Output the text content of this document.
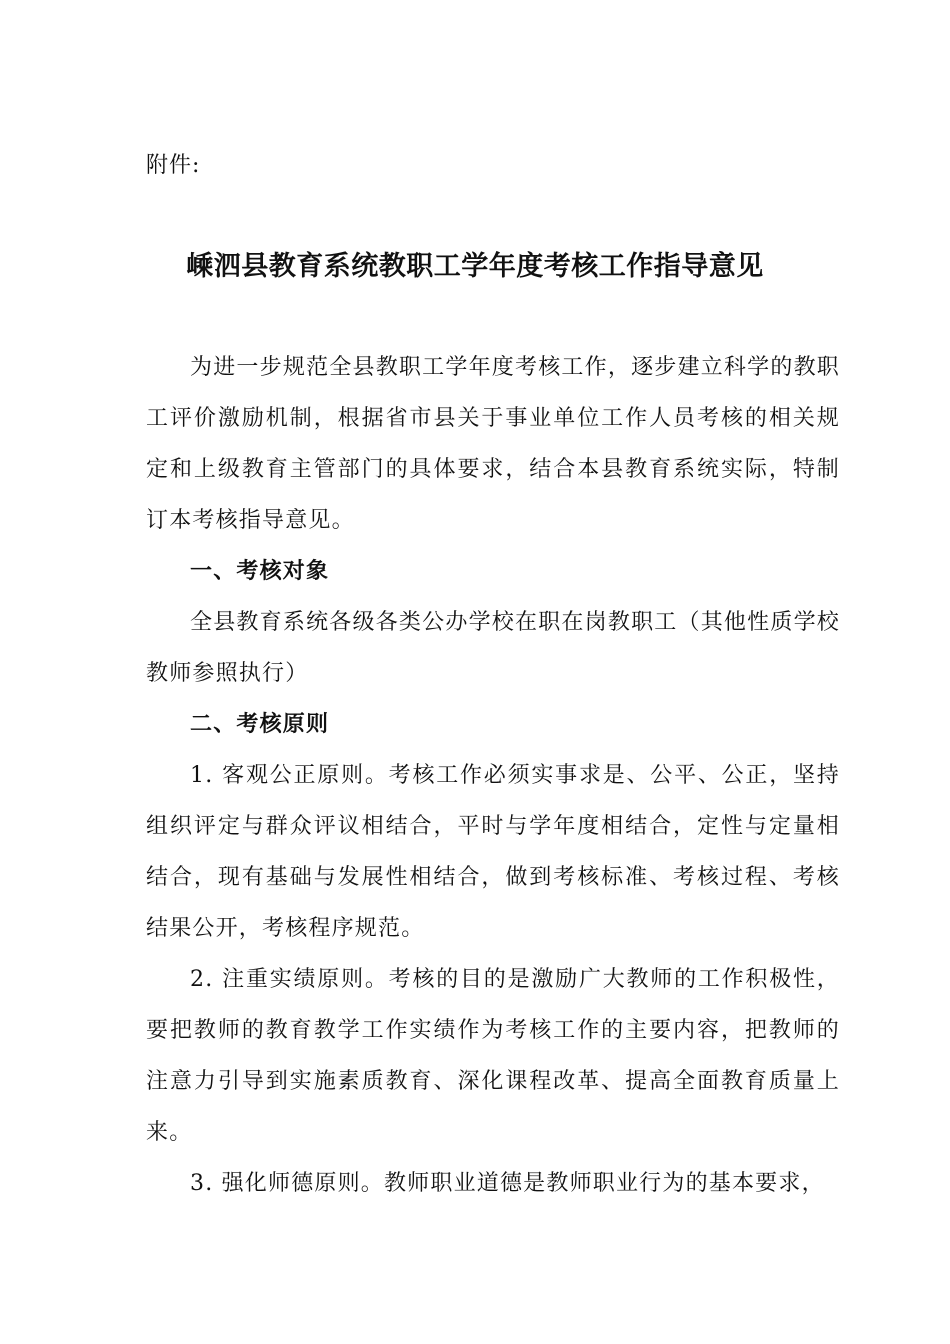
附件:
嵊泗县教育系统教职工学年度考核工作指导意见

为进一步规范全县教职工学年度考核工作，逐步建立科学的教职工评价激励机制，根据省市县关于事业单位工作人员考核的相关规定和上级教育主管部门的具体要求，结合本县教育系统实际，特制订本考核指导意见。

一、考核对象

全县教育系统各级各类公办学校在职在岗教职工（其他性质学校教师参照执行）

二、考核原则

1. 客观公正原则。考核工作必须实事求是、公平、公正，坚持组织评定与群众评议相结合，平时与学年度相结合，定性与定量相结合，现有基础与发展性相结合，做到考核标准、考核过程、考核结果公开，考核程序规范。

2. 注重实绩原则。考核的目的是激励广大教师的工作积极性，要把教师的教育教学工作实绩作为考核工作的主要内容，把教师的注意力引导到实施素质教育、深化课程改革、提高全面教育质量上来。

3. 强化师德原则。教师职业道德是教师职业行为的基本要求，
